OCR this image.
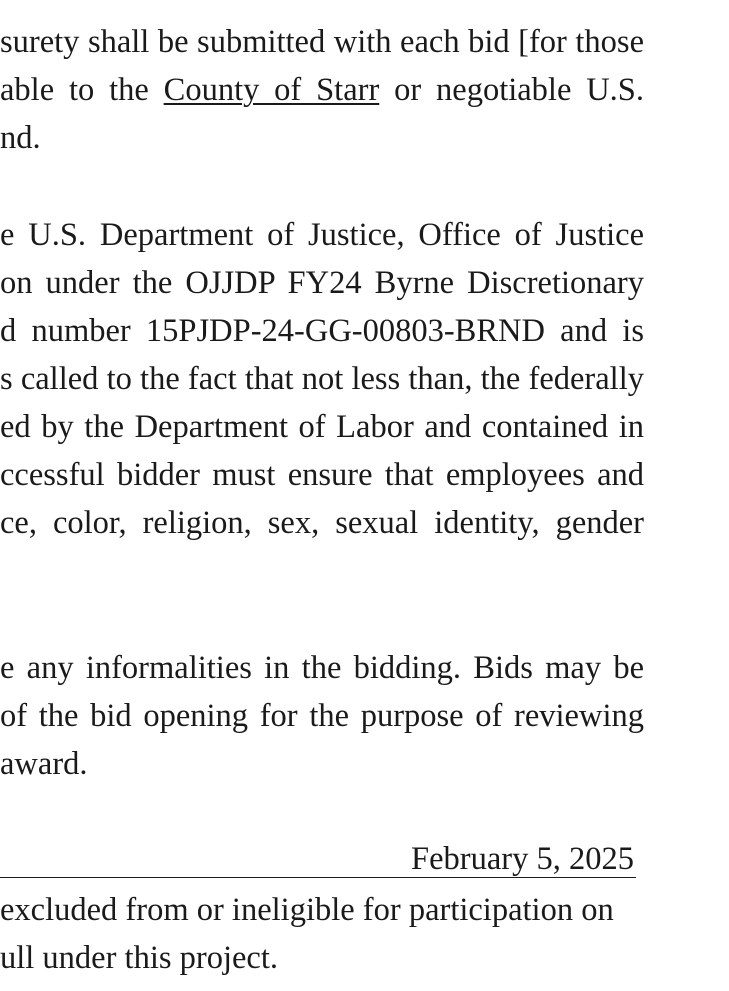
surety shall be submitted with each bid [for those
able to the County of Starr or negotiable U.S.
nd.
e U.S. Department of Justice, Office of Justice
on under the OJJDP FY24 Byrne Discretionary
d number 15PJDP-24-GG-00803-BRND and is
s called to the fact that not less than, the federally
ed by the Department of Labor and contained in
ccessful bidder must ensure that employees and
ce, color, religion, sex, sexual identity, gender
e any informalities in the bidding. Bids may be
of the bid opening for the purpose of reviewing
award.
February 5, 2025
excluded from or ineligible for participation on
ull under this project.
